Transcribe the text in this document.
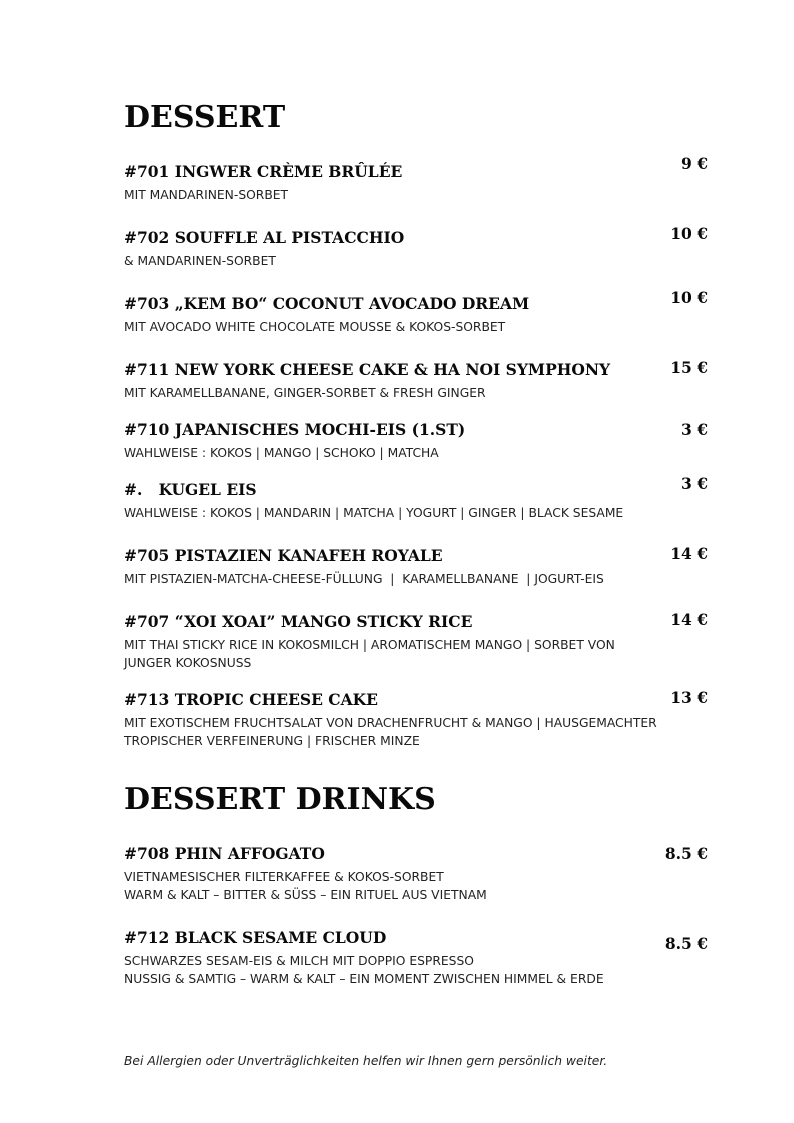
DESSERT
#701 INGWER CRÈME BRÛLÉE	9 €
MIT MANDARINEN-SORBET
#702 SOUFFLE AL PISTACCHIO	10 €
& MANDARINEN-SORBET
#703 „KEM BO“ COCONUT AVOCADO DREAM	10 €
MIT AVOCADO WHITE CHOCOLATE MOUSSE & KOKOS-SORBET
#711 NEW YORK CHEESE CAKE & HA NOI SYMPHONY	15 €
MIT KARAMELLBANANE, GINGER-SORBET & FRESH GINGER
#710 JAPANISCHES MOCHI-EIS (1.ST)	3 €
WAHLWEISE : KOKOS | MANGO | SCHOKO | MATCHA
#.   KUGEL EIS	3 €
WAHLWEISE : KOKOS | MANDARIN | MATCHA | YOGURT | GINGER | BLACK SESAME
#705 PISTAZIEN KANAFEH ROYALE	14 €
MIT PISTAZIEN-MATCHA-CHEESE-FÜLLUNG  |  KARAMELLBANANE  | JOGURT-EIS
#707 “XOI XOAI” MANGO STICKY RICE	14 €
MIT THAI STICKY RICE IN KOKOSMILCH | AROMATISCHEM MANGO | SORBET VON JUNGER KOKOSNUSS
#713 TROPIC CHEESE CAKE	13 €
MIT EXOTISCHEM FRUCHTSALAT VON DRACHENFRUCHT & MANGO | HAUSGEMACHTER TROPISCHER VERFEINERUNG | FRISCHER MINZE
DESSERT DRINKS
#708 PHIN AFFOGATO	8.5 €
VIETNAMESISCHER FILTERKAFFEE & KOKOS-SORBET
WARM & KALT – BITTER & SÜSS – EIN RITUEL AUS VIETNAM
#712 BLACK SESAME CLOUD	8.5 €
SCHWARZES SESAM-EIS & MILCH MIT DOPPIO ESPRESSO
NUSSIG & SAMTIG – WARM & KALT – EIN MOMENT ZWISCHEN HIMMEL & ERDE
Bei Allergien oder Unverträglichkeiten helfen wir Ihnen gern persönlich weiter.
